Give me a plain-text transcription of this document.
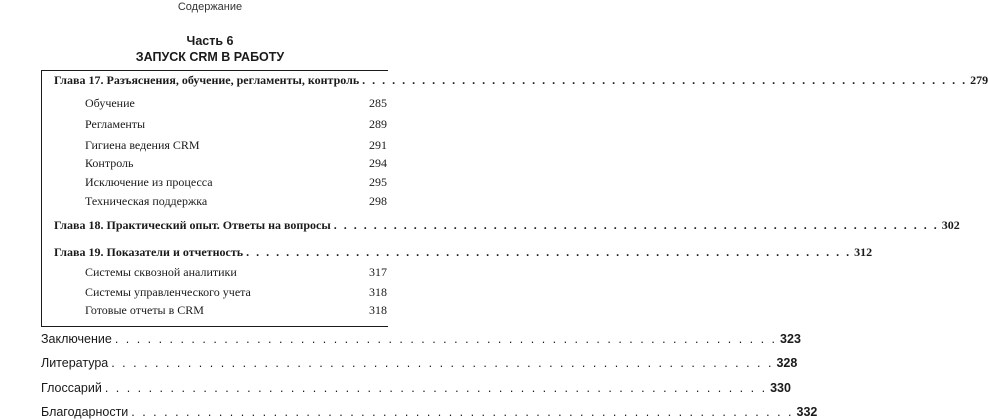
Содержание
Часть 6
ЗАПУСК CRM В РАБОТУ
Глава 17. Разъяснения, обучение, регламенты, контроль . . . . . . . . . . . . . . . . . . . . . . . . . . . . . . . . . . . . . . . . . . . . . . . . . . . . . . . . . . . . . 279
Обучение	285
Регламенты	289
Гигиена ведения CRM	291
Контроль	294
Исключение из процесса	295
Техническая поддержка	298
Глава 18. Практический опыт. Ответы на вопросы . . . . . . . . . . . . . . . . . . . . . . . . . . . . . . . . . . . . . . . . . . . . . . . . . . . . . . . . . . . . . 302
Глава 19. Показатели и отчетность . . . . . . . . . . . . . . . . . . . . . . . . . . . . . . . . . . . . . . . . . . . . . . . . . . . . . . . . . . . . . 312
Системы сквозной аналитики	317
Системы управленческого учета	318
Готовые отчеты в CRM	318
Заключение . . . . . . . . . . . . . . . . . . . . . . . . . . . . . . . . . . . . . . . . . . . . . . . . . . . . . . . . . . . . . 323
Литература . . . . . . . . . . . . . . . . . . . . . . . . . . . . . . . . . . . . . . . . . . . . . . . . . . . . . . . . . . . . . 328
Глоссарий . . . . . . . . . . . . . . . . . . . . . . . . . . . . . . . . . . . . . . . . . . . . . . . . . . . . . . . . . . . . . 330
Благодарности . . . . . . . . . . . . . . . . . . . . . . . . . . . . . . . . . . . . . . . . . . . . . . . . . . . . . . . . . . . . . 332
